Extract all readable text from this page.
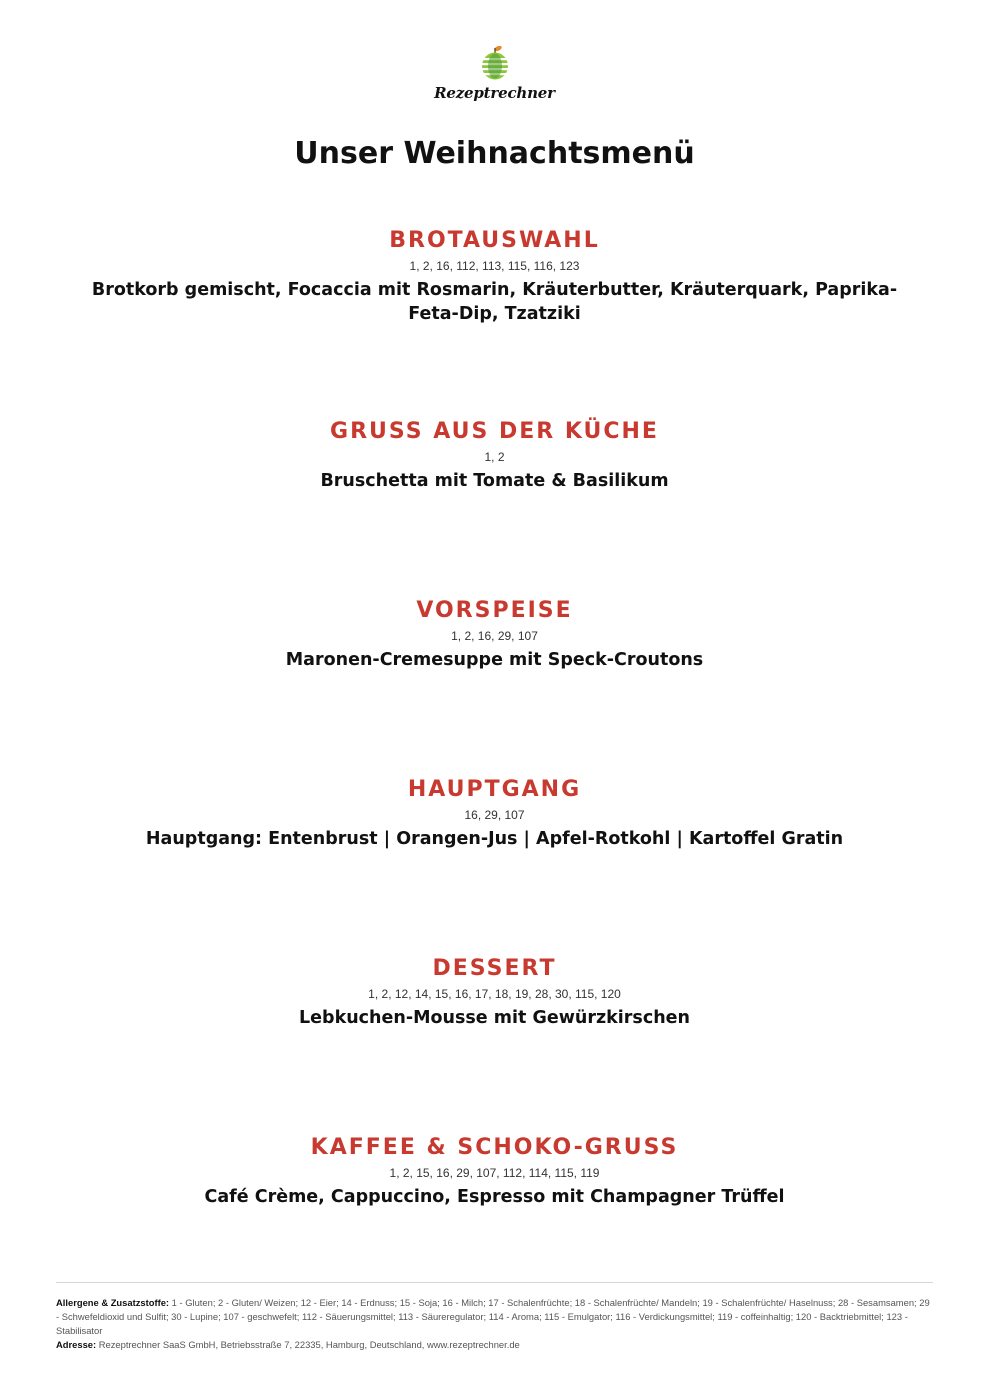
Rezeptrechner
Unser Weihnachtsmenü
BROTAUSWAHL
1, 2, 16, 112, 113, 115, 116, 123
Brotkorb gemischt, Focaccia mit Rosmarin, Kräuterbutter, Kräuterquark, Paprika-Feta-Dip, Tzatziki
GRUSS AUS DER KÜCHE
1, 2
Bruschetta mit Tomate & Basilikum
VORSPEISE
1, 2, 16, 29, 107
Maronen-Cremesuppe mit Speck-Croutons
HAUPTGANG
16, 29, 107
Hauptgang: Entenbrust | Orangen-Jus | Apfel-Rotkohl | Kartoffel Gratin
DESSERT
1, 2, 12, 14, 15, 16, 17, 18, 19, 28, 30, 115, 120
Lebkuchen-Mousse mit Gewürzkirschen
KAFFEE & SCHOKO-GRUSS
1, 2, 15, 16, 29, 107, 112, 114, 115, 119
Café Crème, Cappuccino, Espresso mit Champagner Trüffel
Allergene & Zusatzstoffe: 1 - Gluten; 2 - Gluten/ Weizen; 12 - Eier; 14 - Erdnuss; 15 - Soja; 16 - Milch; 17 - Schalenfrüchte; 18 - Schalenfrüchte/ Mandeln; 19 - Schalenfrüchte/ Haselnuss; 28 - Sesamsamen; 29 - Schwefeldioxid und Sulfit; 30 - Lupine; 107 - geschwefelt; 112 - Säuerungsmittel; 113 - Säureregulator; 114 - Aroma; 115 - Emulgator; 116 - Verdickungsmittel; 119 - coffeinhaltig; 120 - Backtriebmittel; 123 - Stabilisator
Adresse: Rezeptrechner SaaS GmbH, Betriebsstraße 7, 22335, Hamburg, Deutschland, www.rezeptrechner.de
